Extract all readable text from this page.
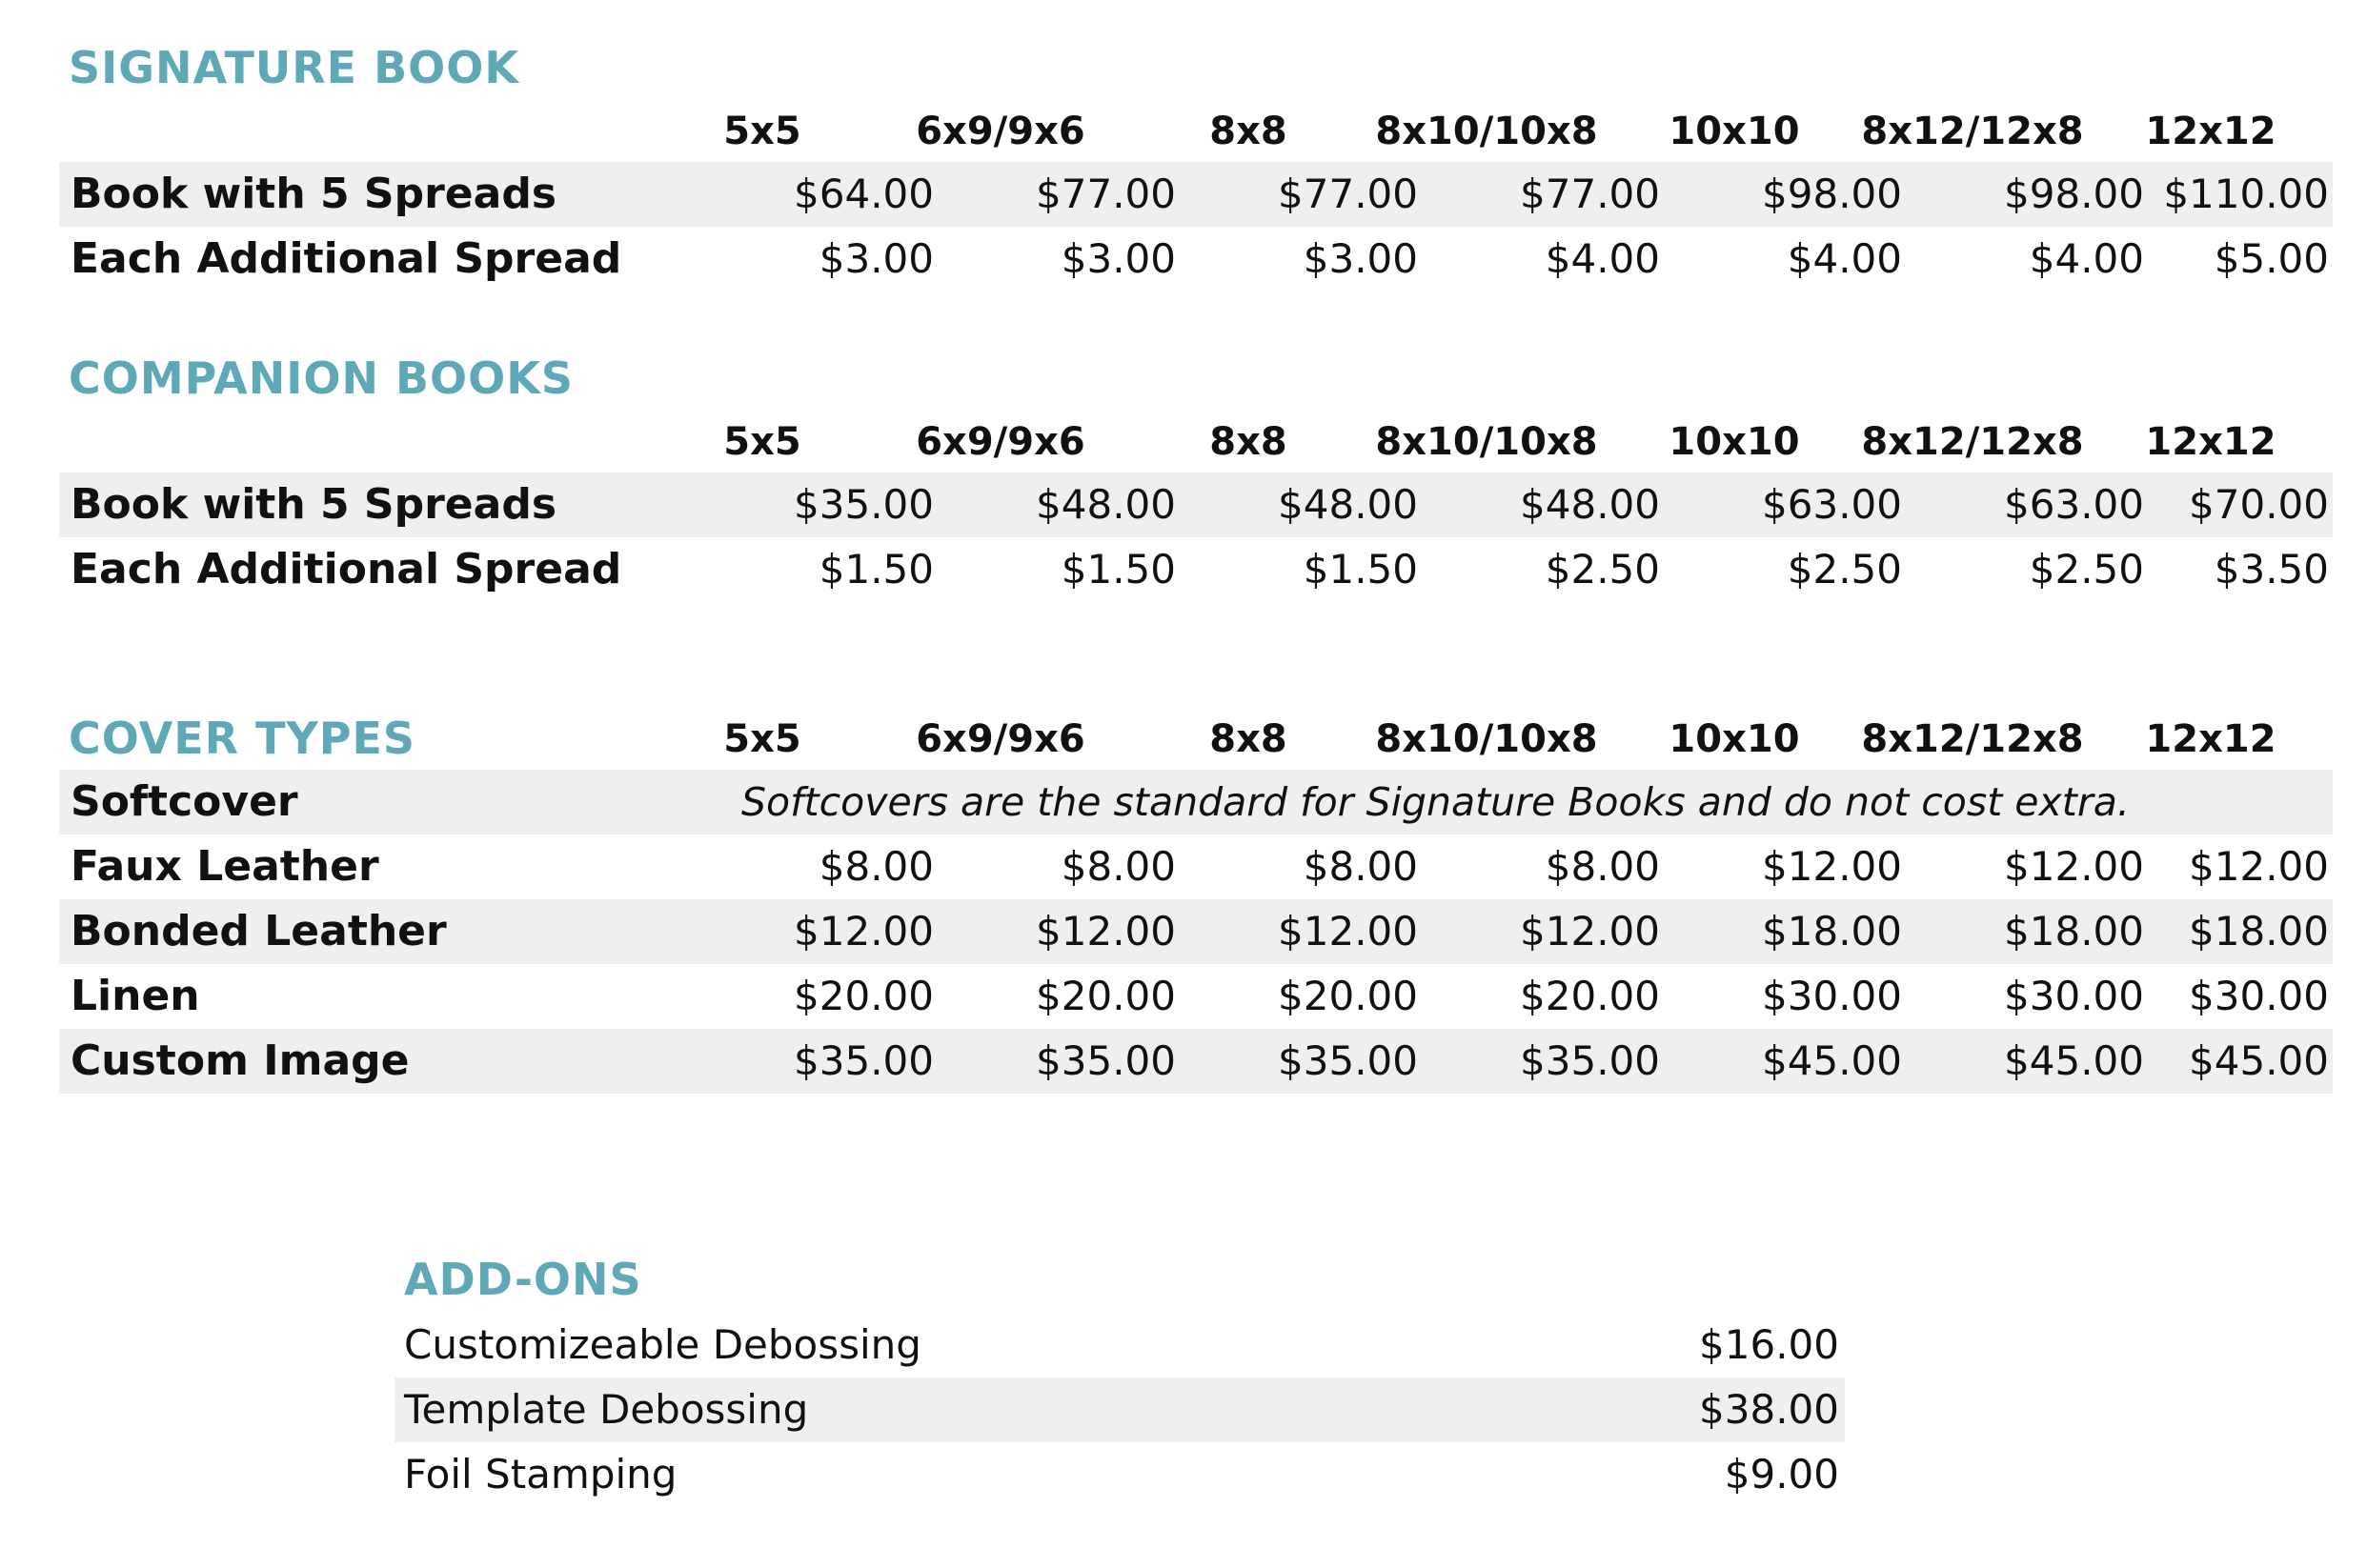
SIGNATURE BOOK
5x5	6x9/9x6	8x8	8x10/10x8	10x10	8x12/12x8	12x12
Book with 5 Spreads	$64.00	$77.00	$77.00	$77.00	$98.00	$98.00 $110.00
Each Additional Spread	$3.00	$3.00	$3.00	$4.00	$4.00	$4.00	$5.00
COMPANION BOOKS
5x5	6x9/9x6	8x8	8x10/10x8	10x10	8x12/12x8	12x12
Book with 5 Spreads	$35.00	$48.00	$48.00	$48.00	$63.00	$63.00	$70.00
Each Additional Spread	$1.50	$1.50	$1.50	$2.50	$2.50	$2.50	$3.50
COVER TYPES	5x5	6x9/9x6	8x8	8x10/10x8	10x10	8x12/12x8	12x12
Softcover	Softcovers are the standard for Signature Books and do not cost extra.
Faux Leather	$8.00	$8.00	$8.00	$8.00	$12.00	$12.00	$12.00
Bonded Leather	$12.00	$12.00	$12.00	$12.00	$18.00	$18.00	$18.00
Linen	$20.00	$20.00	$20.00	$20.00	$30.00	$30.00	$30.00
Custom Image	$35.00	$35.00	$35.00	$35.00	$45.00	$45.00	$45.00
ADD-ONS
Customizeable Debossing	$16.00
Template Debossing	$38.00
Foil Stamping	$9.00
